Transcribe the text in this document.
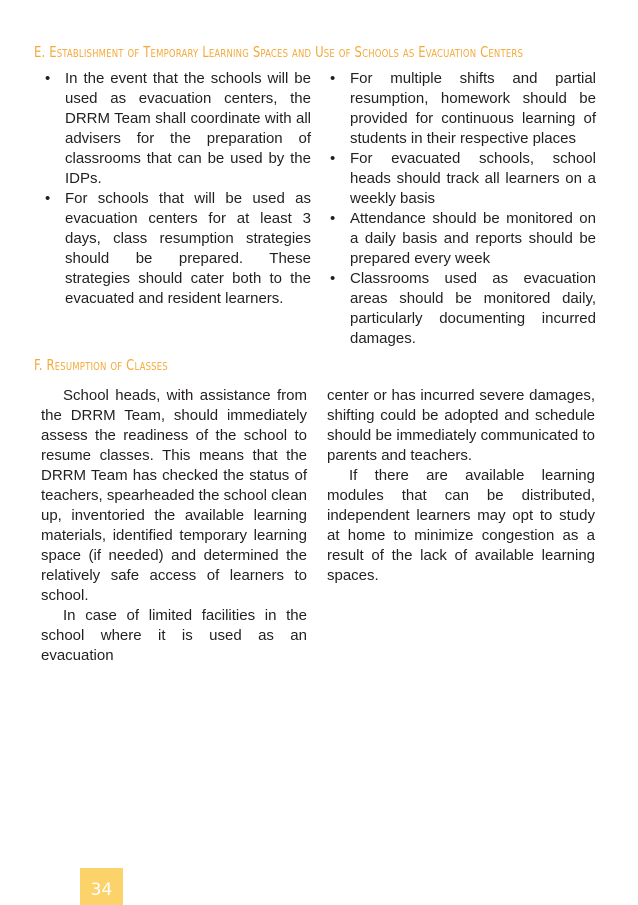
E. Establishment of Temporary Learning Spaces and Use of Schools as Evacuation Centers
• In the event that the schools will be used as evacuation centers, the DRRM Team shall coordinate with all advisers for the preparation of classrooms that can be used by the IDPs.
• For schools that will be used as evacuation centers for at least 3 days, class resumption strategies should be prepared. These strategies should cater both to the evacuated and resident learners.
• For multiple shifts and partial resumption, homework should be provided for continuous learning of students in their respective places
• For evacuated schools, school heads should track all learners on a weekly basis
• Attendance should be monitored on a daily basis and reports should be prepared every week
• Classrooms used as evacuation areas should be monitored daily, particularly documenting incurred damages.
F. Resumption of Classes

School heads, with assistance from the DRRM Team, should immediately assess the readiness of the school to resume classes. This means that the DRRM Team has checked the status of teachers, spearheaded the school clean up, inventoried the available learning materials, identified temporary learning space (if needed) and determined the relatively safe access of learners to school.

In case of limited facilities in the school where it is used as an evacuation

center or has incurred severe damages, shifting could be adopted and schedule should be immediately communicated to parents and teachers.

If there are available learning modules that can be distributed, independent learners may opt to study at home to minimize congestion as a result of the lack of available learning spaces.

34
